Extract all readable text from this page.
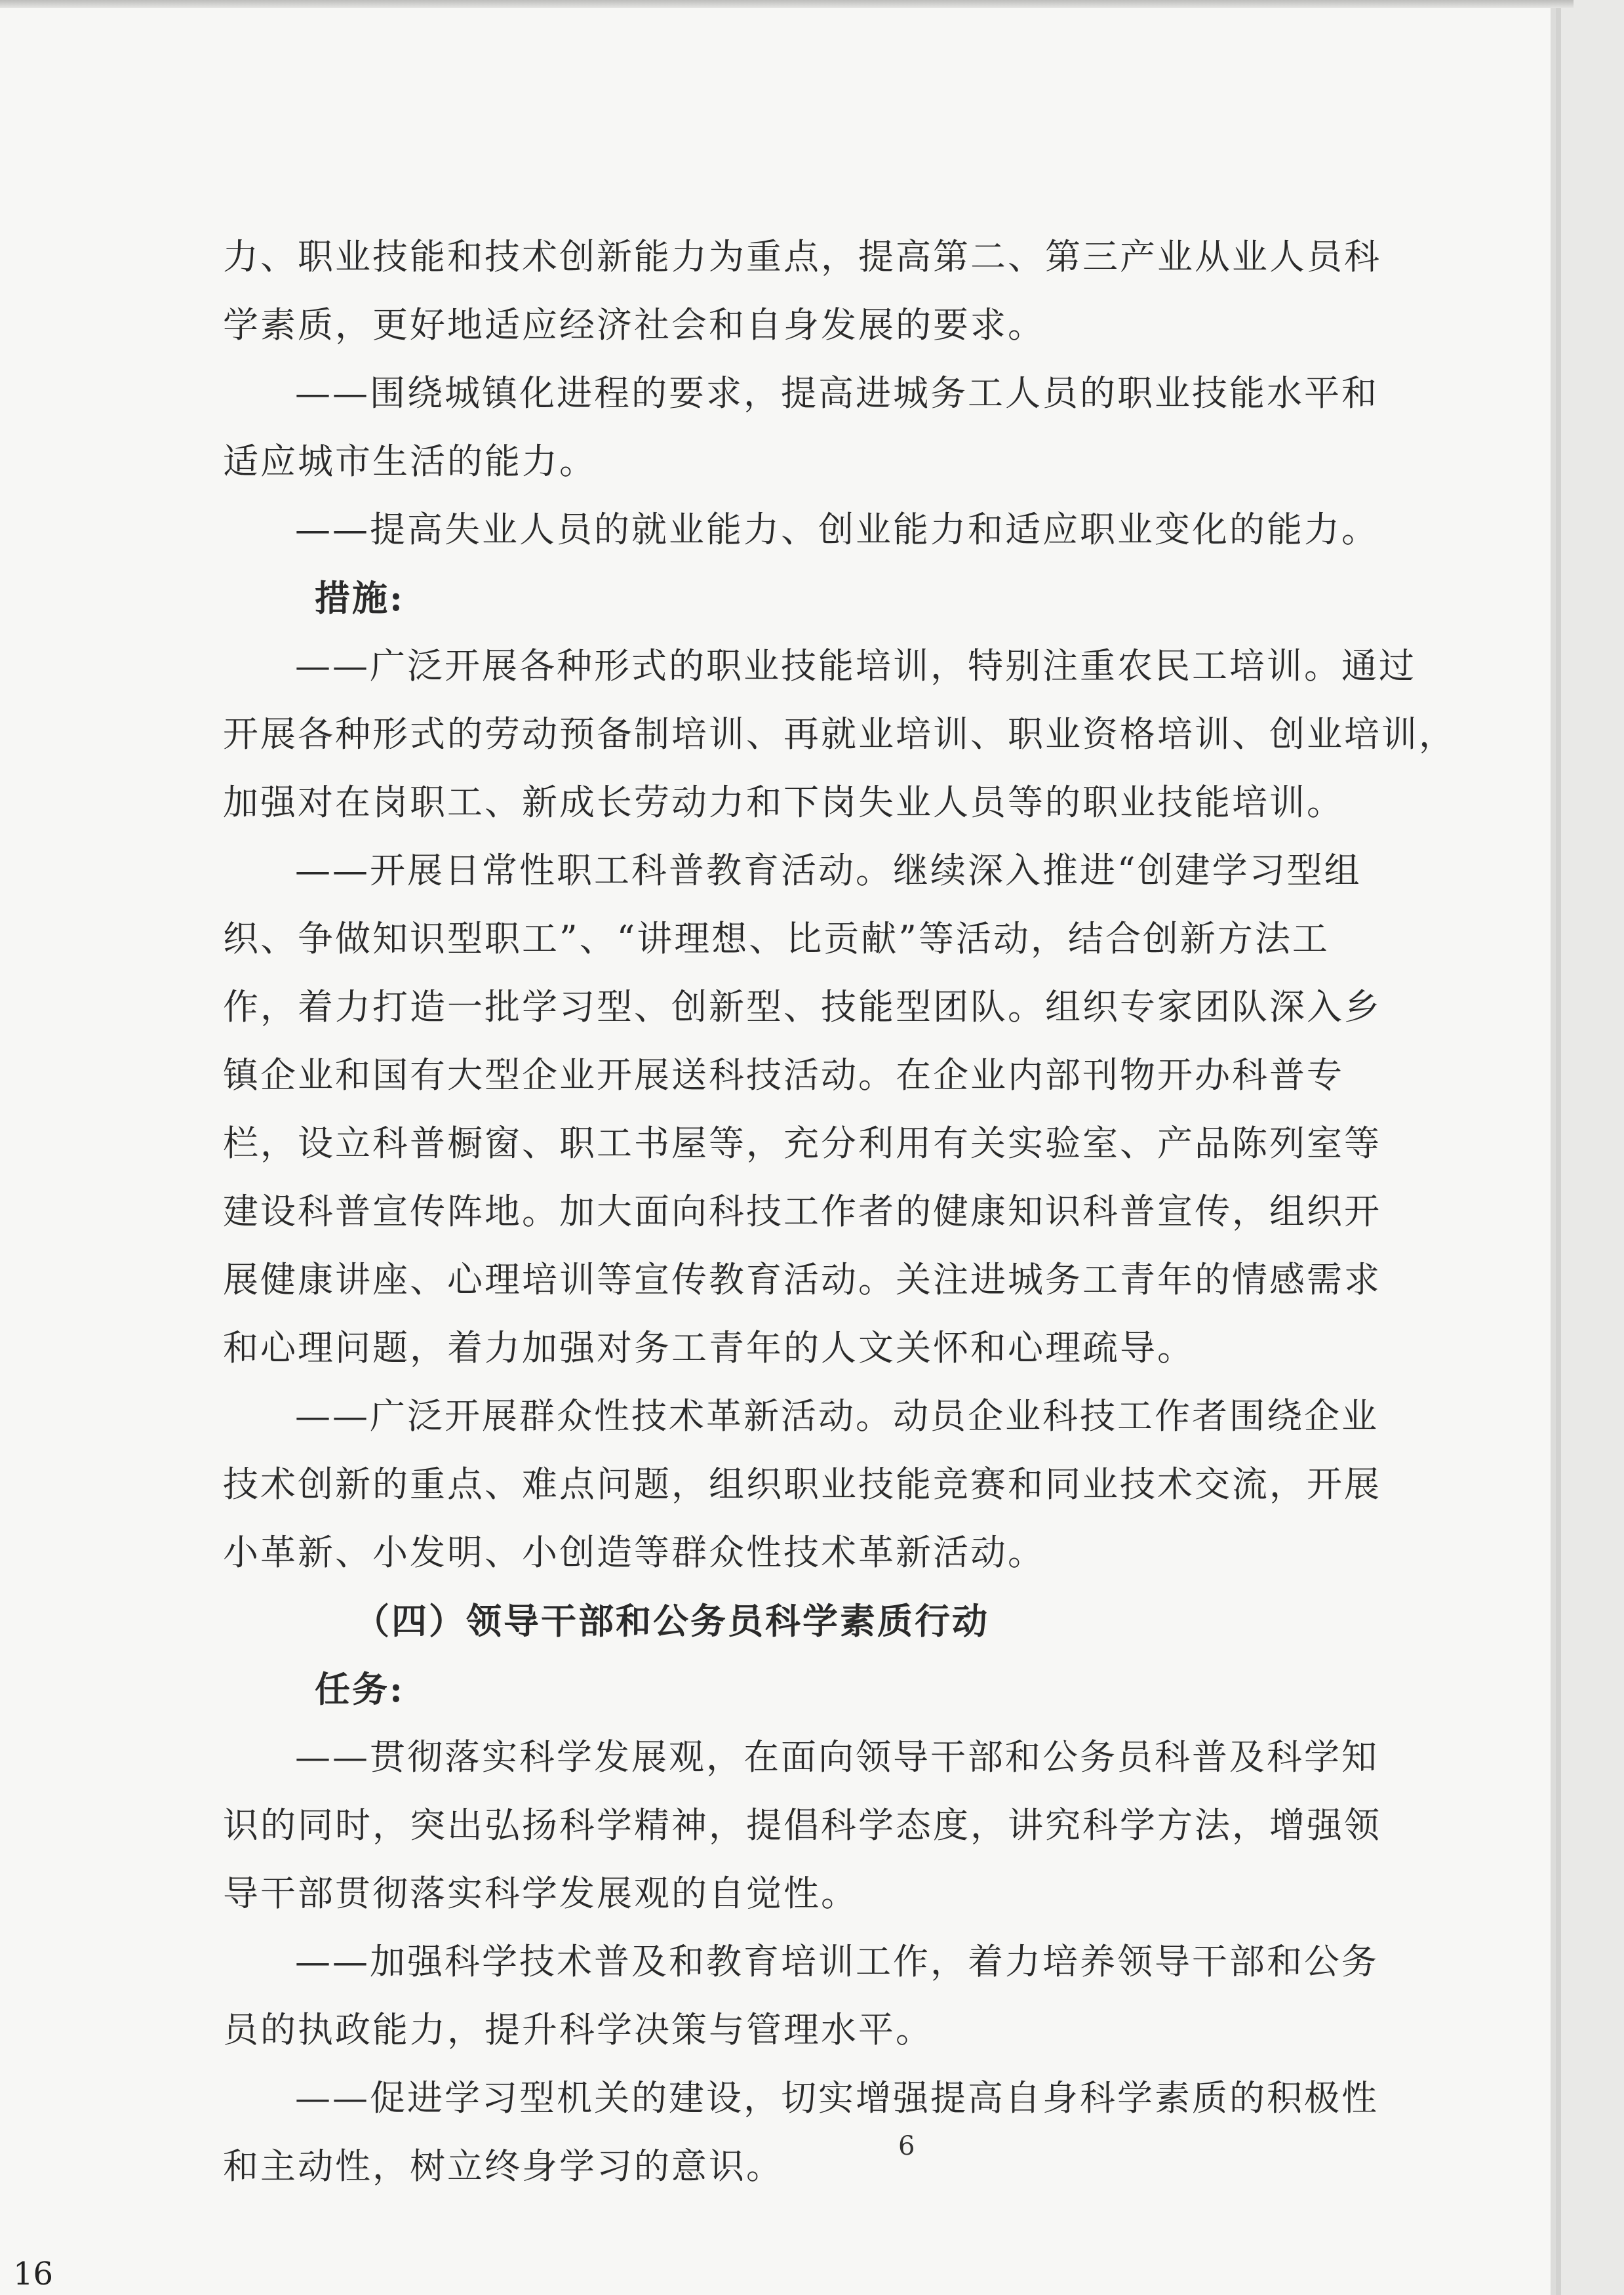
力、职业技能和技术创新能力为重点，提高第二、第三产业从业人员科
学素质，更好地适应经济社会和自身发展的要求。
——围绕城镇化进程的要求，提高进城务工人员的职业技能水平和
适应城市生活的能力。
——提高失业人员的就业能力、创业能力和适应职业变化的能力。
措施:
——广泛开展各种形式的职业技能培训，特别注重农民工培训。通过
开展各种形式的劳动预备制培训、再就业培训、职业资格培训、创业培训，
加强对在岗职工、新成长劳动力和下岗失业人员等的职业技能培训。
——开展日常性职工科普教育活动。继续深入推进“创建学习型组
织、争做知识型职工”、“讲理想、比贡献”等活动，结合创新方法工
作，着力打造一批学习型、创新型、技能型团队。组织专家团队深入乡
镇企业和国有大型企业开展送科技活动。在企业内部刊物开办科普专
栏，设立科普橱窗、职工书屋等，充分利用有关实验室、产品陈列室等
建设科普宣传阵地。加大面向科技工作者的健康知识科普宣传，组织开
展健康讲座、心理培训等宣传教育活动。关注进城务工青年的情感需求
和心理问题，着力加强对务工青年的人文关怀和心理疏导。
——广泛开展群众性技术革新活动。动员企业科技工作者围绕企业
技术创新的重点、难点问题，组织职业技能竞赛和同业技术交流，开展
小革新、小发明、小创造等群众性技术革新活动。
（四）领导干部和公务员科学素质行动
任务:
——贯彻落实科学发展观，在面向领导干部和公务员科普及科学知
识的同时，突出弘扬科学精神，提倡科学态度，讲究科学方法，增强领
导干部贯彻落实科学发展观的自觉性。
——加强科学技术普及和教育培训工作，着力培养领导干部和公务
员的执政能力，提升科学决策与管理水平。
——促进学习型机关的建设，切实增强提高自身科学素质的积极性
和主动性，树立终身学习的意识。	6
16
